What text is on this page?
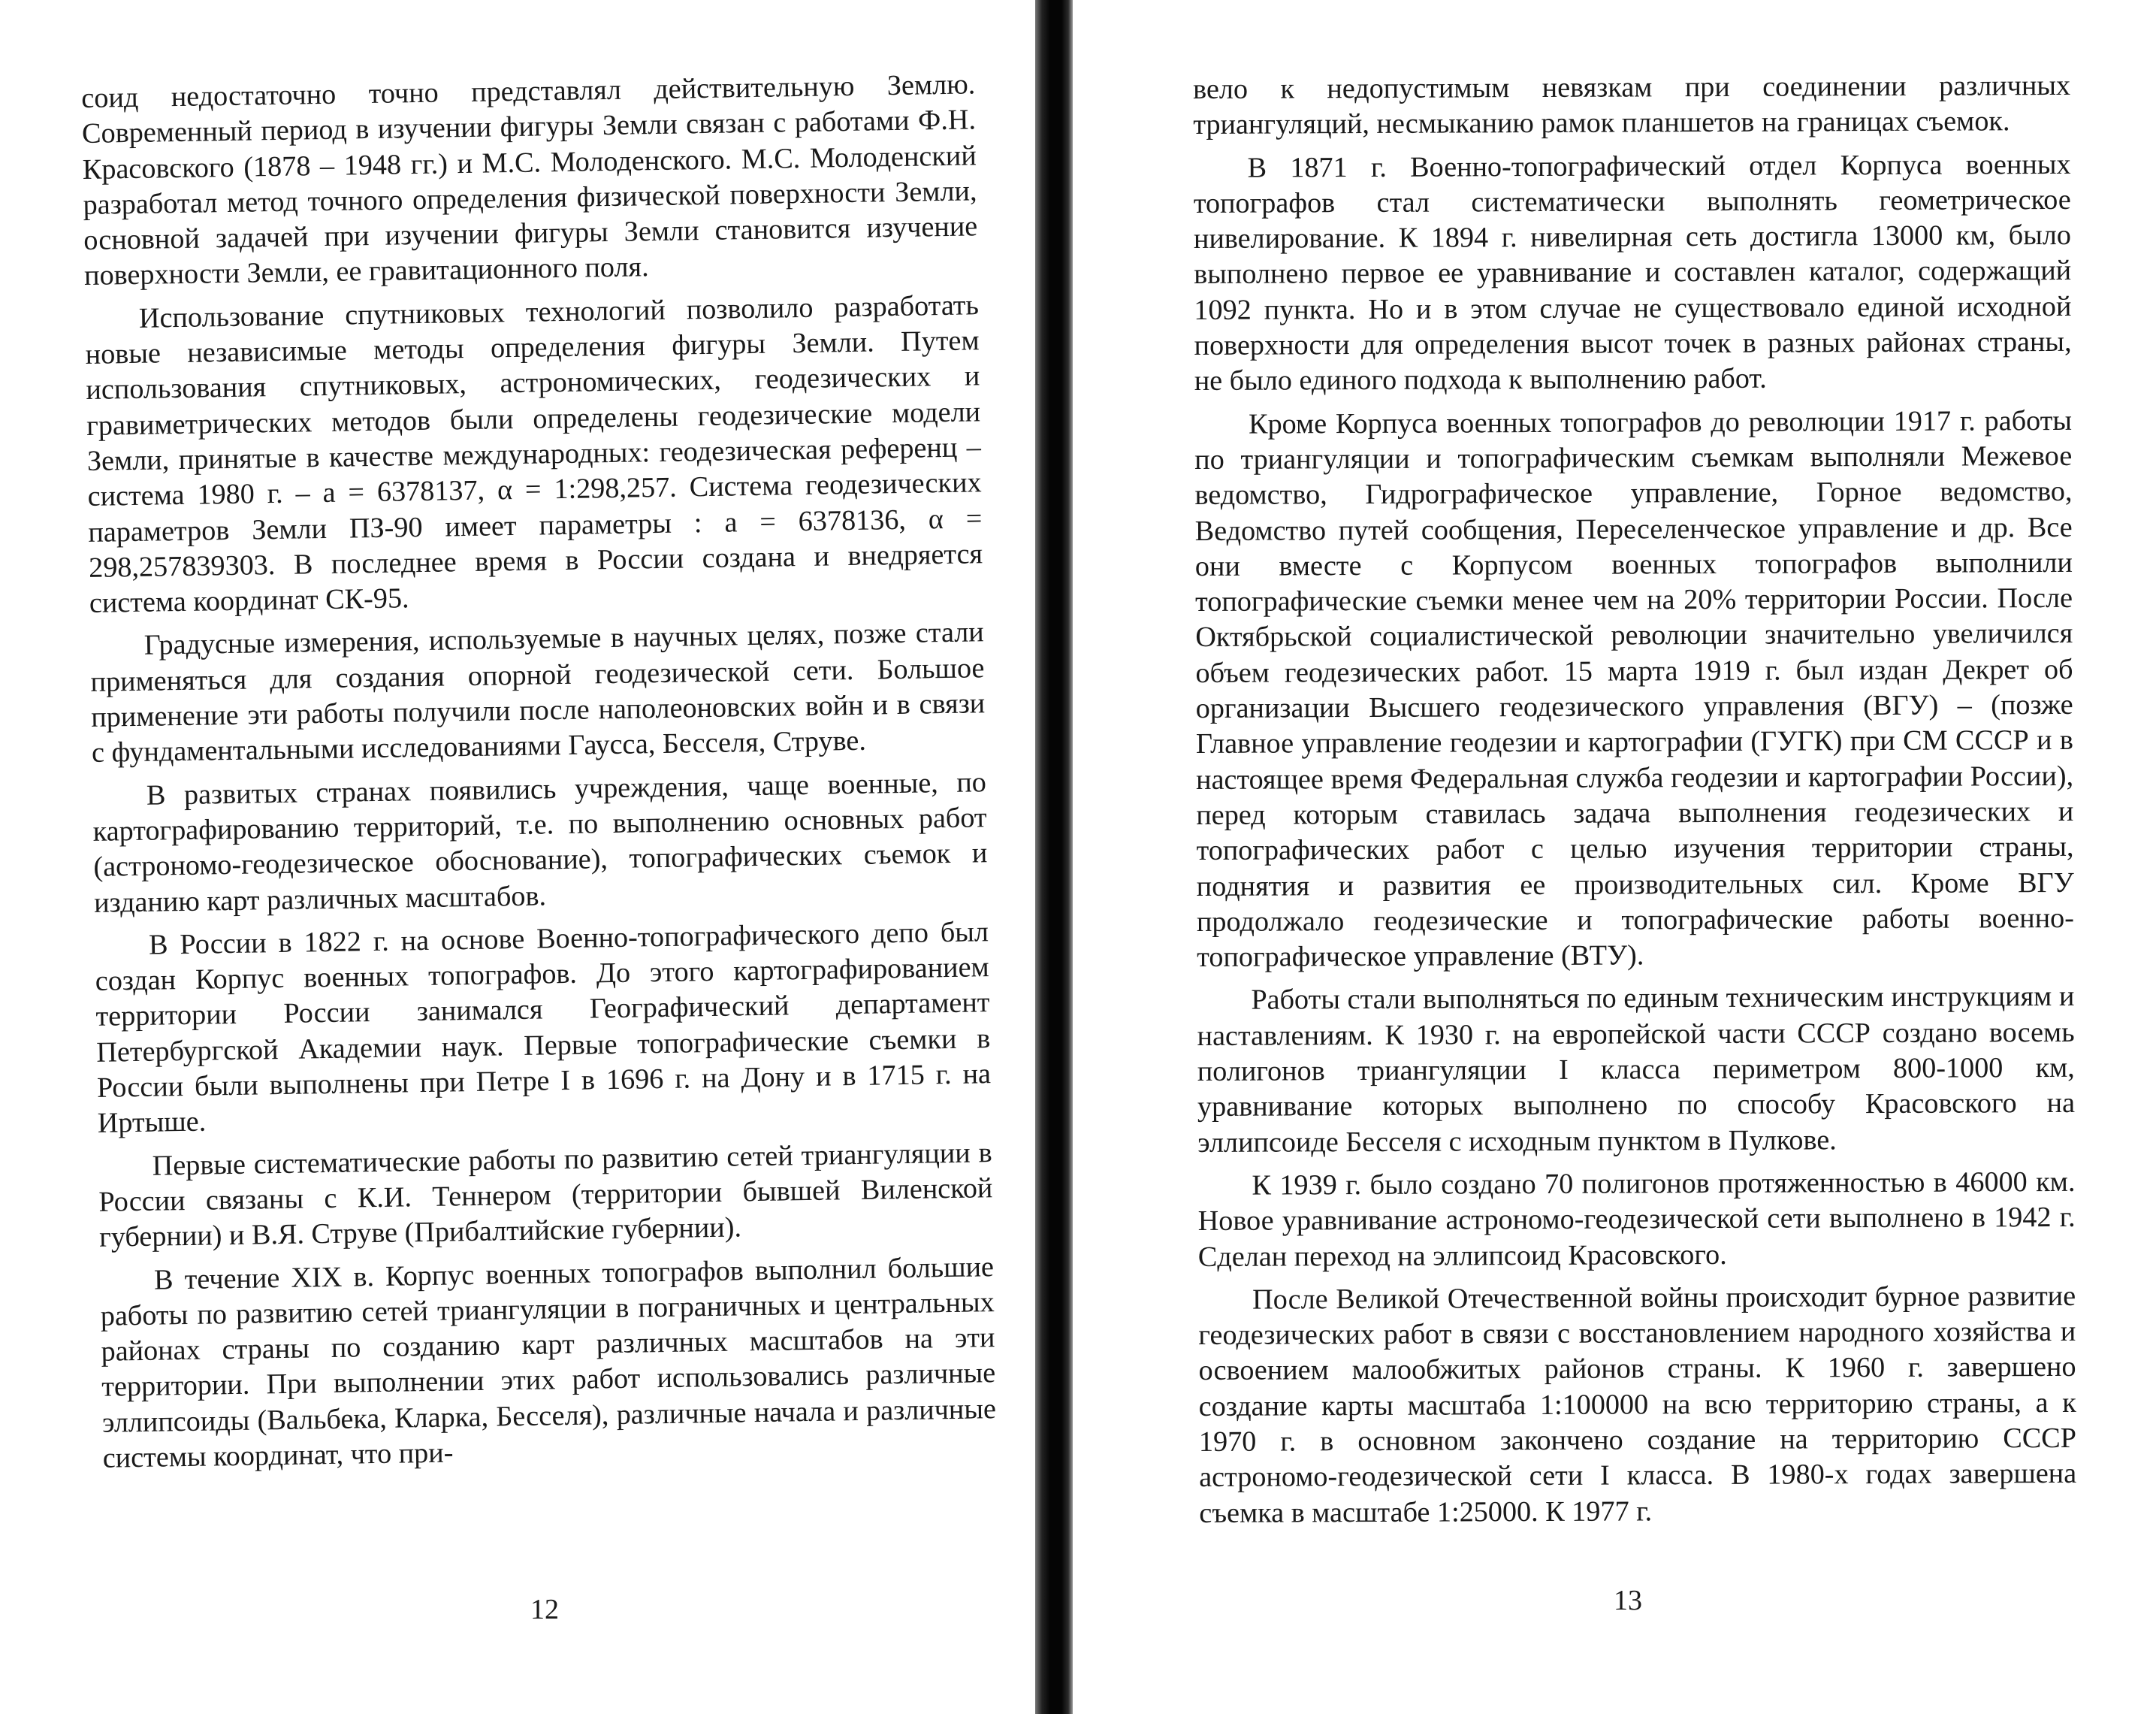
соид недостаточно точно представлял действительную Землю. Современный период в изучении фигуры Земли связан с работами Ф.Н. Красовского (1878 – 1948 гг.) и М.С. Молоденского. М.С. Молоденский разработал метод точного определения физической поверхности Земли, основной задачей при изучении фигуры Земли становится изучение поверхности Земли, ее гравитационного поля.

Использование спутниковых технологий позволило разработать новые независимые методы определения фигуры Земли. Путем использования спутниковых, астрономических, геодезических и гравиметрических методов были определены геодезические модели Земли, принятые в качестве международных: геодезическая референц – система 1980 г. – a = 6378137, α = 1:298,257. Система геодезических параметров Земли ПЗ-90 имеет параметры : a = 6378136, α = 298,257839303. В последнее время в России создана и внедряется система координат СК-95.

Градусные измерения, используемые в научных целях, позже стали применяться для создания опорной геодезической сети. Большое применение эти работы получили после наполеоновских войн и в связи с фундаментальными исследованиями Гаусса, Бесселя, Струве.

В развитых странах появились учреждения, чаще военные, по картографированию территорий, т.е. по выполнению основных работ (астрономо-геодезическое обоснование), топографических съемок и изданию карт различных масштабов.

В России в 1822 г. на основе Военно-топографического депо был создан Корпус военных топографов. До этого картографированием территории России занимался Географический департамент Петербургской Академии наук. Первые топографические съемки в России были выполнены при Петре I в 1696 г. на Дону и в 1715 г. на Иртыше.

Первые систематические работы по развитию сетей триангуляции в России связаны с К.И. Теннером (территории бывшей Виленской губернии) и В.Я. Струве (Прибалтийские губернии).

В течение XIX в. Корпус военных топографов выполнил большие работы по развитию сетей триангуляции в пограничных и центральных районах страны по созданию карт различных масштабов на эти территории. При выполнении этих работ использовались различные эллипсоиды (Вальбека, Кларка, Бесселя), различные начала и различные системы координат, что при-

12

вело к недопустимым невязкам при соединении различных триангуляций, несмыканию рамок планшетов на границах съемок.

В 1871 г. Военно-топографический отдел Корпуса военных топографов стал систематически выполнять геометрическое нивелирование. К 1894 г. нивелирная сеть достигла 13000 км, было выполнено первое ее уравнивание и составлен каталог, содержащий 1092 пункта. Но и в этом случае не существовало единой исходной поверхности для определения высот точек в разных районах страны, не было единого подхода к выполнению работ.

Кроме Корпуса военных топографов до революции 1917 г. работы по триангуляции и топографическим съемкам выполняли Межевое ведомство, Гидрографическое управление, Горное ведомство, Ведомство путей сообщения, Переселенческое управление и др. Все они вместе с Корпусом военных топографов выполнили топографические съемки менее чем на 20% территории России. После Октябрьской социалистической революции значительно увеличился объем геодезических работ. 15 марта 1919 г. был издан Декрет об организации Высшего геодезического управления (ВГУ) – (позже Главное управление геодезии и картографии (ГУГК) при СМ СССР и в настоящее время Федеральная служба геодезии и картографии России), перед которым ставилась задача выполнения геодезических и топографических работ с целью изучения территории страны, поднятия и развития ее производительных сил. Кроме ВГУ продолжало геодезические и топографические работы военно-топографическое управление (ВТУ).

Работы стали выполняться по единым техническим инструкциям и наставлениям. К 1930 г. на европейской части СССР создано восемь полигонов триангуляции I класса периметром 800-1000 км, уравнивание которых выполнено по способу Красовского на эллипсоиде Бесселя с исходным пунктом в Пулкове.

К 1939 г. было создано 70 полигонов протяженностью в 46000 км. Новое уравнивание астрономо-геодезической сети выполнено в 1942 г. Сделан переход на эллипсоид Красовского.

После Великой Отечественной войны происходит бурное развитие геодезических работ в связи с восстановлением народного хозяйства и освоением малообжитых районов страны. К 1960 г. завершено создание карты масштаба 1:100000 на всю территорию страны, а к 1970 г. в основном закончено создание на территорию СССР астрономо-геодезической сети I класса. В 1980-х годах завершена съемка в масштабе 1:25000. К 1977 г.

13
